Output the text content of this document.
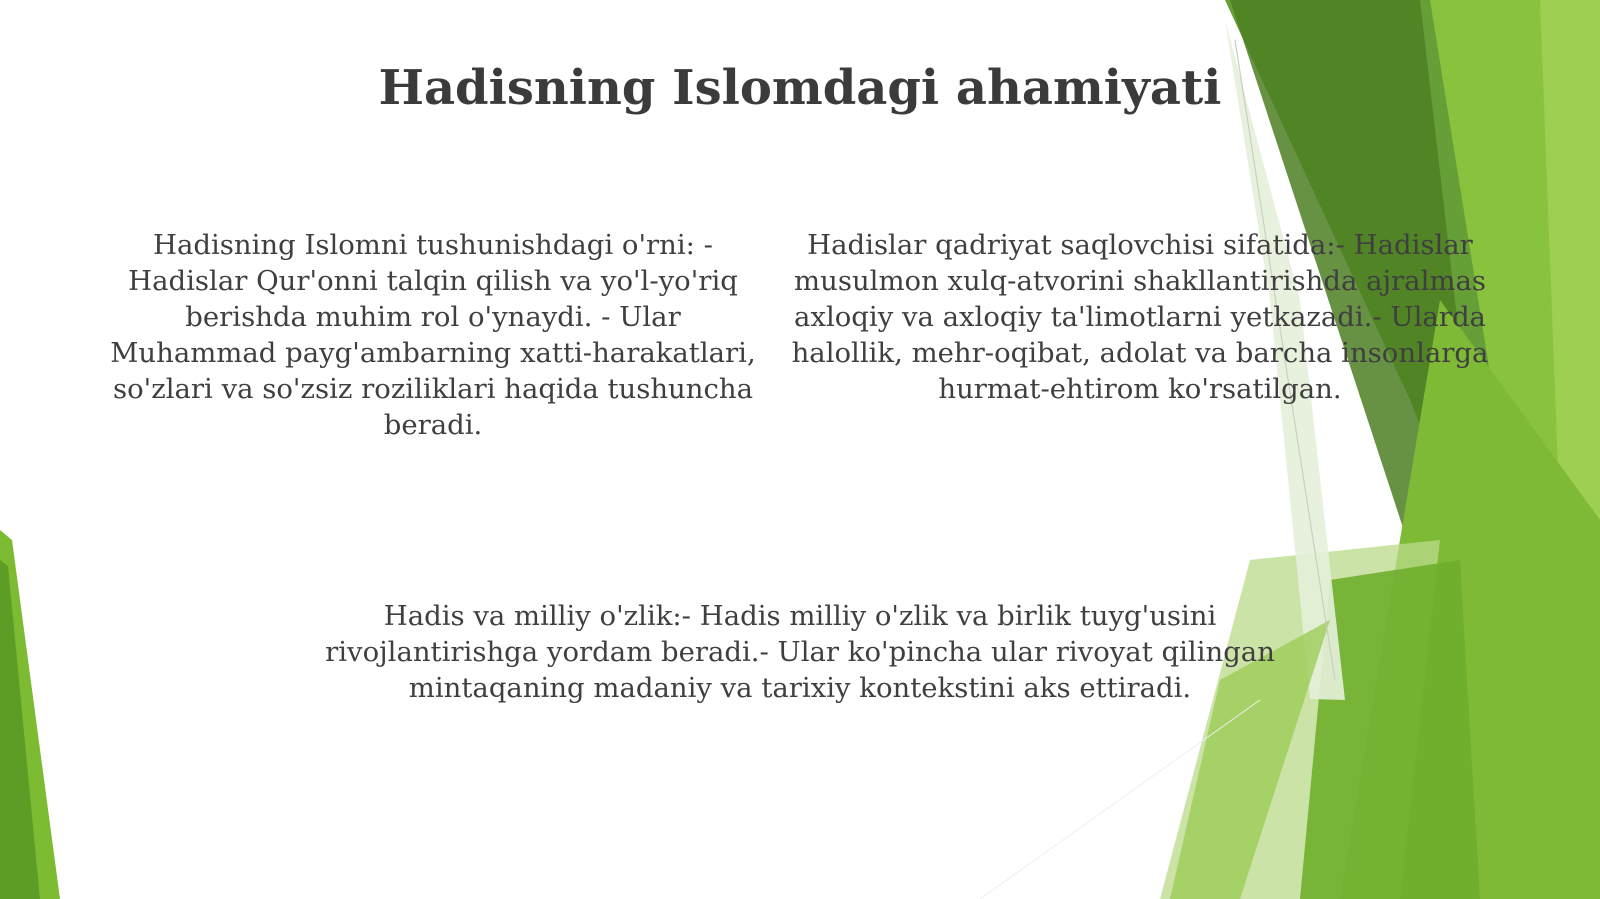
Hadisning Islomdagi ahamiyati

Hadisning Islomni tushunishdagi o'rni: - Hadislar Qur'onni talqin qilish va yo'l-yo'riq berishda muhim rol o'ynaydi. - Ular Muhammad payg'ambarning xatti-harakatlari, so'zlari va so'zsiz roziliklari haqida tushuncha beradi.

Hadislar qadriyat saqlovchisi sifatida:- Hadislar musulmon xulq-atvorini shakllantirishda ajralmas axloqiy va axloqiy ta'limotlarni yetkazadi.- Ularda halollik, mehr-oqibat, adolat va barcha insonlarga hurmat-ehtirom ko'rsatilgan.

Hadis va milliy o'zlik:- Hadis milliy o'zlik va birlik tuyg'usini rivojlantirishga yordam beradi.- Ular ko'pincha ular rivoyat qilingan mintaqaning madaniy va tarixiy kontekstini aks ettiradi.
